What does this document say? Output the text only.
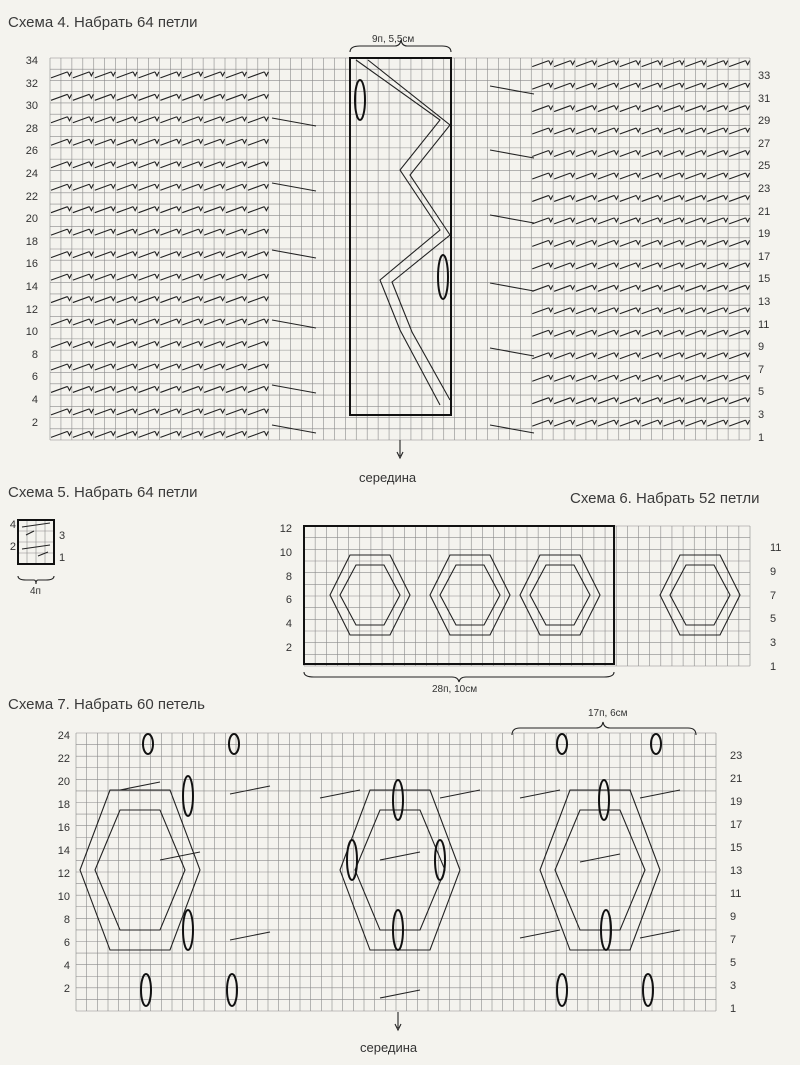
Схема 4. Набрать 64 петли
9п, 5,5см
34
32
30
28
26
24
22
20
18
16
14
12
10
8
6
4
2
33
31
29
27
25
23
21
19
17
15
13
11
9
7
5
3
1
середина
Схема 5. Набрать 64 петли
4
2
3
1
4п
Схема 6. Набрать 52 петли
12
10
8
6
4
2
11
9
7
5
3
1
28п, 10см
Схема 7. Набрать 60 петель
17п, 6см
24
22
20
18
16
14
12
10
8
6
4
2
23
21
19
17
15
13
11
9
7
5
3
1
середина
